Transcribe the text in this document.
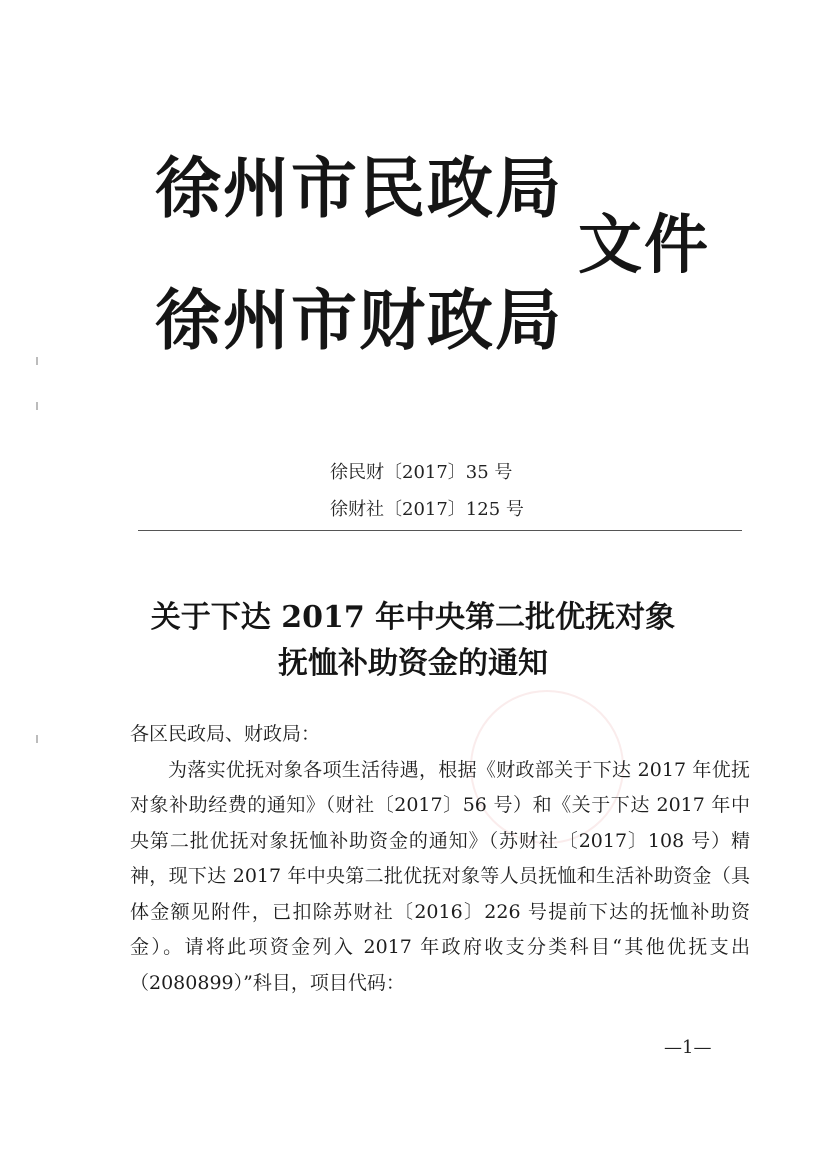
徐州市民政局
徐州市财政局
文件
徐民财〔2017〕35 号
徐财社〔2017〕125 号
关于下达 2017 年中央第二批优抚对象
抚恤补助资金的通知

各区民政局、财政局：

为落实优抚对象各项生活待遇，根据《财政部关于下达 2017 年优抚对象补助经费的通知》（财社〔2017〕56 号）和《关于下达 2017 年中央第二批优抚对象抚恤补助资金的通知》（苏财社〔2017〕108 号）精神，现下达 2017 年中央第二批优抚对象等人员抚恤和生活补助资金（具体金额见附件，已扣除苏财社〔2016〕226 号提前下达的抚恤补助资金）。请将此项资金列入 2017 年政府收支分类科目“其他优抚支出（2080899）”科目，项目代码：

—1—
